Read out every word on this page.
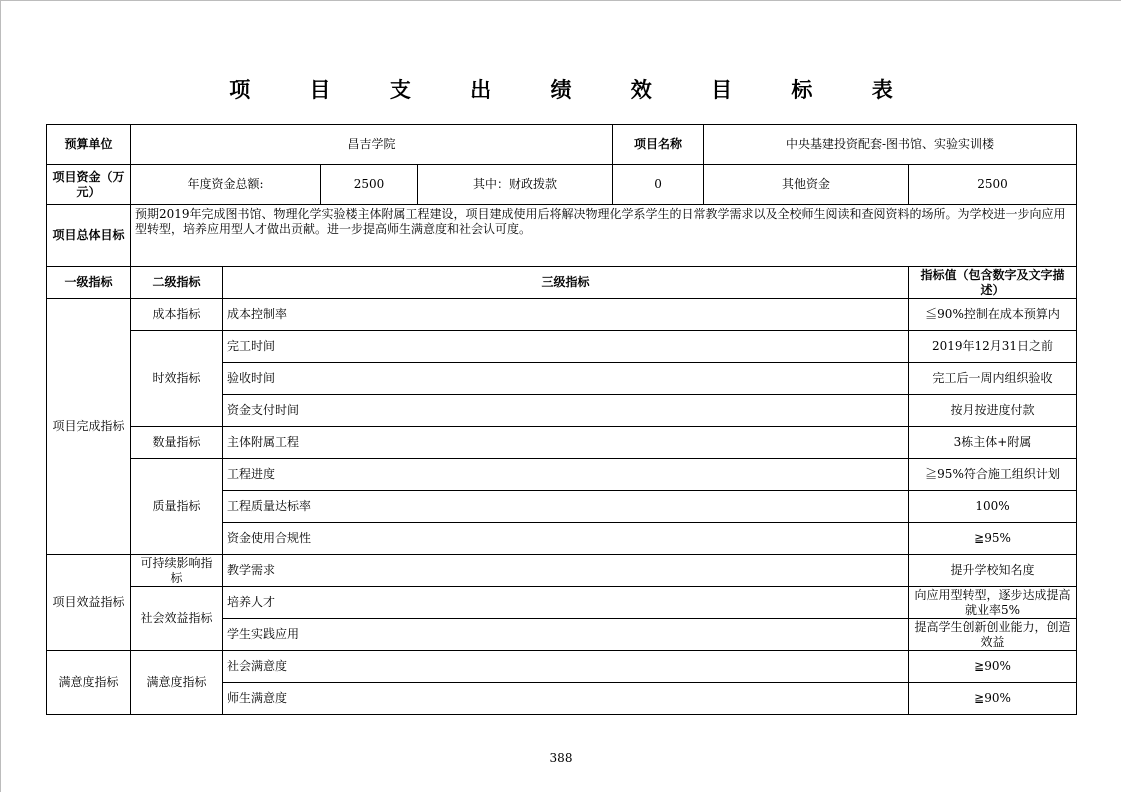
项 目 支 出 绩 效 目 标 表
预算单位	昌吉学院				项目名称	中央基建投资配套-图书馆、实验实训楼	
项目资金（万元）	年度资金总额:		2500	其中：财政拨款	0	其他资金	2500
项目总体目标	预期2019年完成图书馆、物理化学实验楼主体附属工程建设，项目建成使用后将解决物理化学系学生的日常教学需求以及全校师生阅读和查阅资料的场所。为学校进一步向应用型转型，培养应用型人才做出贡献。进一步提高师生满意度和社会认可度。						
一级指标	二级指标	三级指标					指标值（包含数字及文字描述）
项目完成指标	成本指标	成本控制率					≦90%控制在成本预算内
	时效指标	完工时间					2019年12月31日之前
		验收时间					完工后一周内组织验收
		资金支付时间					按月按进度付款
	数量指标	主体附属工程					3栋主体+附属
	质量指标	工程进度					≧95%符合施工组织计划
		工程质量达标率					100%
		资金使用合规性					≧95%
项目效益指标	可持续影响指标	教学需求					提升学校知名度
	社会效益指标	培养人才					向应用型转型，逐步达成提高就业率5%
		学生实践应用					提高学生创新创业能力，创造效益
满意度指标	满意度指标	社会满意度					≧90%
		师生满意度					≧90%
388
